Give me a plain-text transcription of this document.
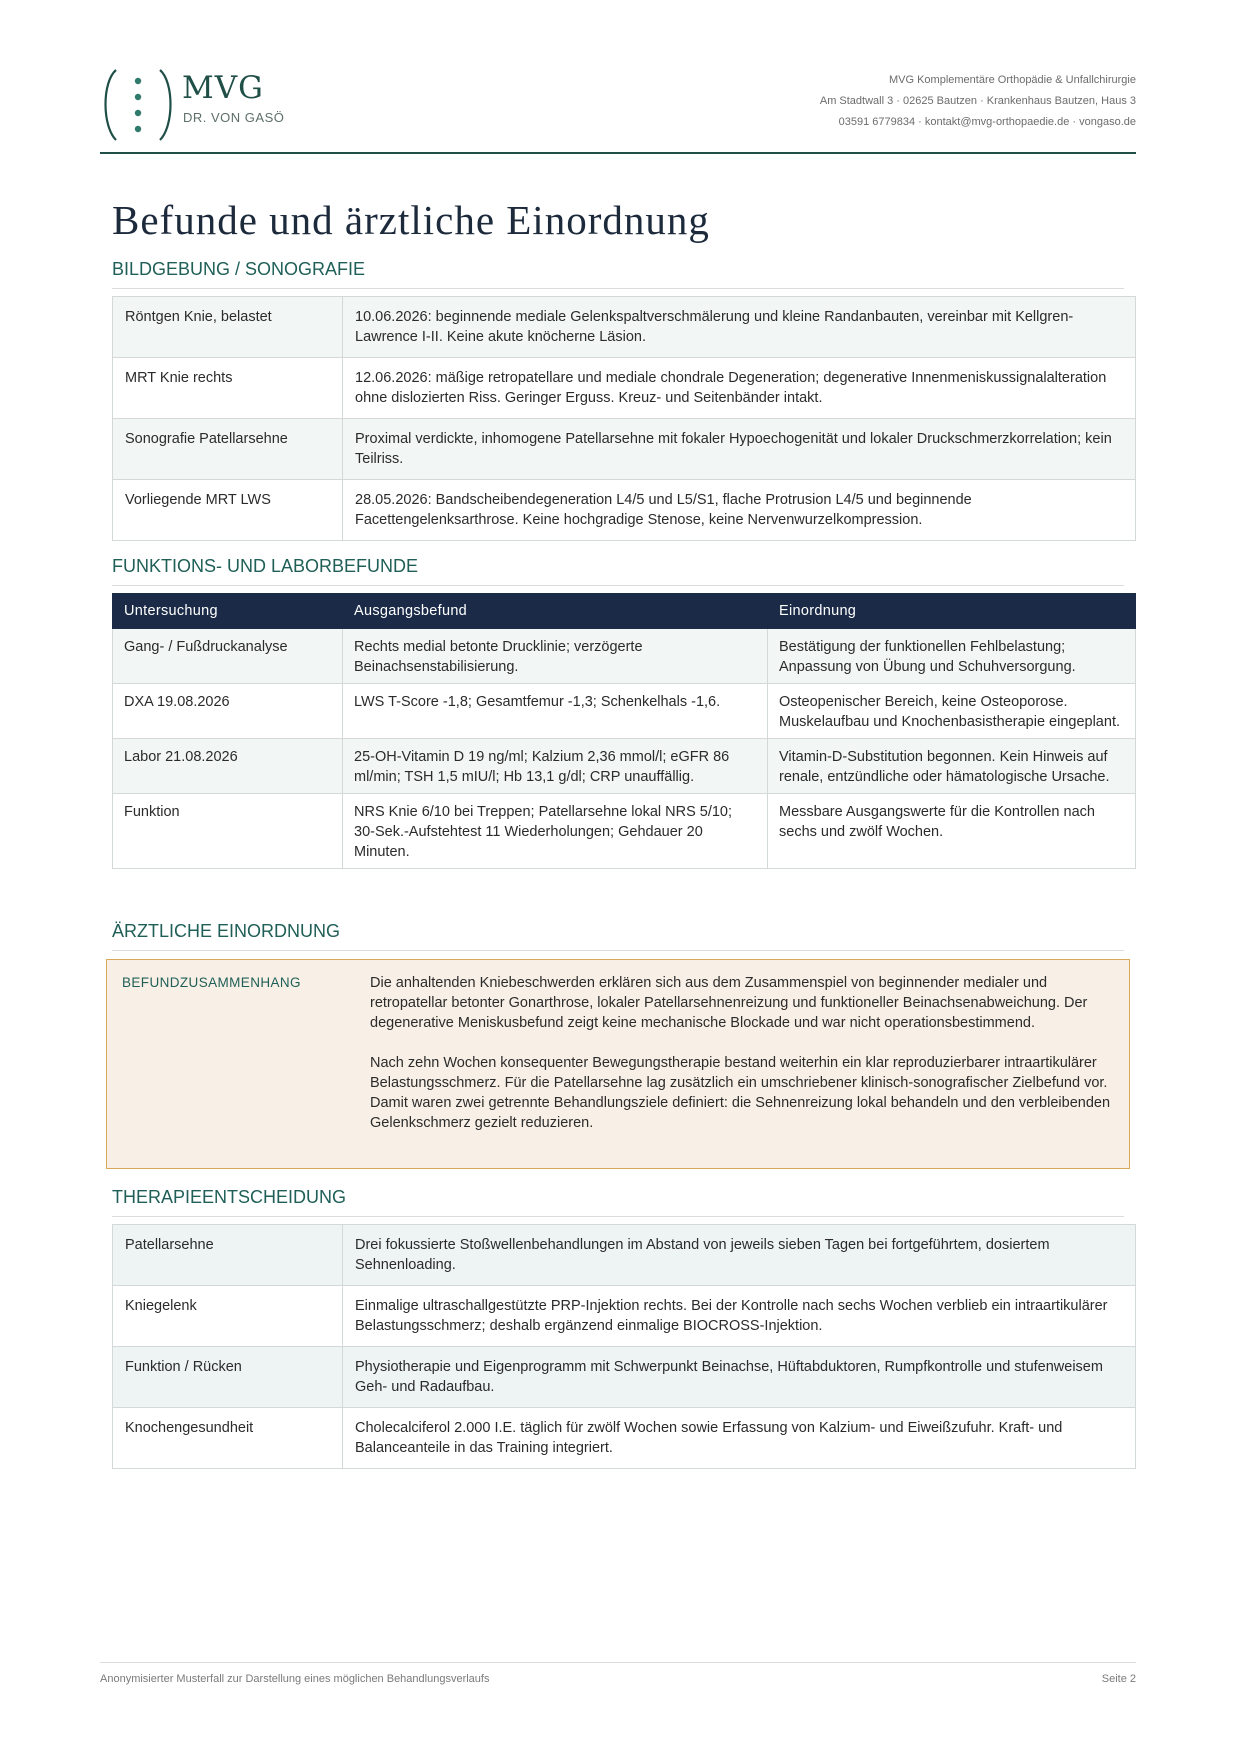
MVG
DR. VON GASÖ
MVG Komplementäre Orthopädie & Unfallchirurgie
Am Stadtwall 3 · 02625 Bautzen · Krankenhaus Bautzen, Haus 3
03591 6779834 · kontakt@mvg-orthopaedie.de · vongaso.de
Befunde und ärztliche Einordnung
BILDGEBUNG / SONOGRAFIE
Röntgen Knie, belastet	10.06.2026: beginnende mediale Gelenkspaltverschmälerung und kleine Randanbauten, vereinbar mit Kellgren-Lawrence I-II. Keine akute knöcherne Läsion.
MRT Knie rechts	12.06.2026: mäßige retropatellare und mediale chondrale Degeneration; degenerative Innenmeniskussignalalteration ohne dislozierten Riss. Geringer Erguss. Kreuz- und Seitenbänder intakt.
Sonografie Patellarsehne	Proximal verdickte, inhomogene Patellarsehne mit fokaler Hypoechogenität und lokaler Druckschmerzkorrelation; kein Teilriss.
Vorliegende MRT LWS	28.05.2026: Bandscheibendegeneration L4/5 und L5/S1, flache Protrusion L4/5 und beginnende Facettengelenksarthrose. Keine hochgradige Stenose, keine Nervenwurzelkompression.
FUNKTIONS- UND LABORBEFUNDE
Untersuchung	Ausgangsbefund	Einordnung
Gang- / Fußdruckanalyse	Rechts medial betonte Drucklinie; verzögerte Beinachsenstabilisierung.	Bestätigung der funktionellen Fehlbelastung; Anpassung von Übung und Schuhversorgung.
DXA 19.08.2026	LWS T-Score -1,8; Gesamtfemur -1,3; Schenkelhals -1,6.	Osteopenischer Bereich, keine Osteoporose. Muskelaufbau und Knochenbasistherapie eingeplant.
Labor 21.08.2026	25-OH-Vitamin D 19 ng/ml; Kalzium 2,36 mmol/l; eGFR 86 ml/min; TSH 1,5 mIU/l; Hb 13,1 g/dl; CRP unauffällig.	Vitamin-D-Substitution begonnen. Kein Hinweis auf renale, entzündliche oder hämatologische Ursache.
Funktion	NRS Knie 6/10 bei Treppen; Patellarsehne lokal NRS 5/10; 30-Sek.-Aufstehtest 11 Wiederholungen; Gehdauer 20 Minuten.	Messbare Ausgangswerte für die Kontrollen nach sechs und zwölf Wochen.
ÄRZTLICHE EINORDNUNG
BEFUNDZUSAMMENHANG	Die anhaltenden Kniebeschwerden erklären sich aus dem Zusammenspiel von beginnender medialer und retropatellar betonter Gonarthrose, lokaler Patellarsehnenreizung und funktioneller Beinachsenabweichung. Der degenerative Meniskusbefund zeigt keine mechanische Blockade und war nicht operationsbestimmend.

Nach zehn Wochen konsequenter Bewegungstherapie bestand weiterhin ein klar reproduzierbarer intraartikulärer Belastungsschmerz. Für die Patellarsehne lag zusätzlich ein umschriebener klinisch-sonografischer Zielbefund vor. Damit waren zwei getrennte Behandlungsziele definiert: die Sehnenreizung lokal behandeln und den verbleibenden Gelenkschmerz gezielt reduzieren.

THERAPIEENTSCHEIDUNG
Patellarsehne	Drei fokussierte Stoßwellenbehandlungen im Abstand von jeweils sieben Tagen bei fortgeführtem, dosiertem Sehnenloading.
Kniegelenk	Einmalige ultraschallgestützte PRP-Injektion rechts. Bei der Kontrolle nach sechs Wochen verblieb ein intraartikulärer Belastungsschmerz; deshalb ergänzend einmalige BIOCROSS-Injektion.
Funktion / Rücken	Physiotherapie und Eigenprogramm mit Schwerpunkt Beinachse, Hüftabduktoren, Rumpfkontrolle und stufenweisem Geh- und Radaufbau.
Knochengesundheit	Cholecalciferol 2.000 I.E. täglich für zwölf Wochen sowie Erfassung von Kalzium- und Eiweißzufuhr. Kraft- und Balanceanteile in das Training integriert.
Anonymisierter Musterfall zur Darstellung eines möglichen Behandlungsverlaufs	Seite 2
